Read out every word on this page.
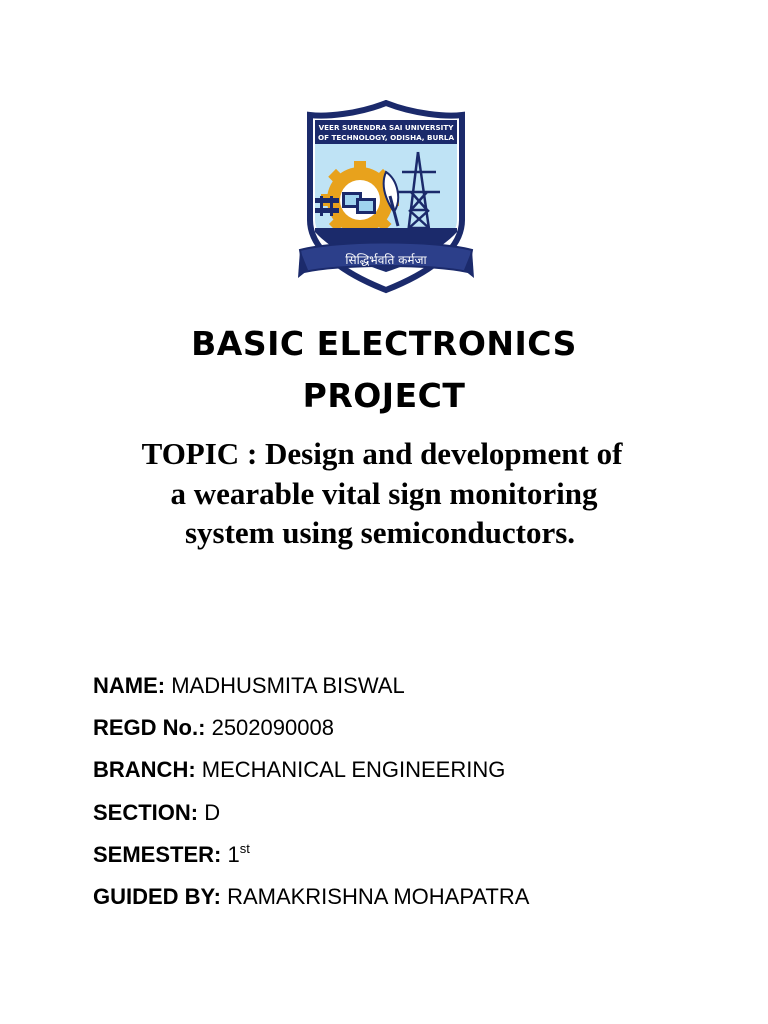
VEER SURENDRA SAI UNIVERSITY
OF TECHNOLOGY, ODISHA, BURLA
सिद्धिर्भवति कर्मजा
BASIC ELECTRONICS
PROJECT
TOPIC : Design and development of
a wearable vital sign monitoring
system using semiconductors.
NAME: MADHUSMITA BISWAL
REGD No.: 2502090008
BRANCH: MECHANICAL ENGINEERING
SECTION: D
SEMESTER: 1st
GUIDED BY: RAMAKRISHNA MOHAPATRA
